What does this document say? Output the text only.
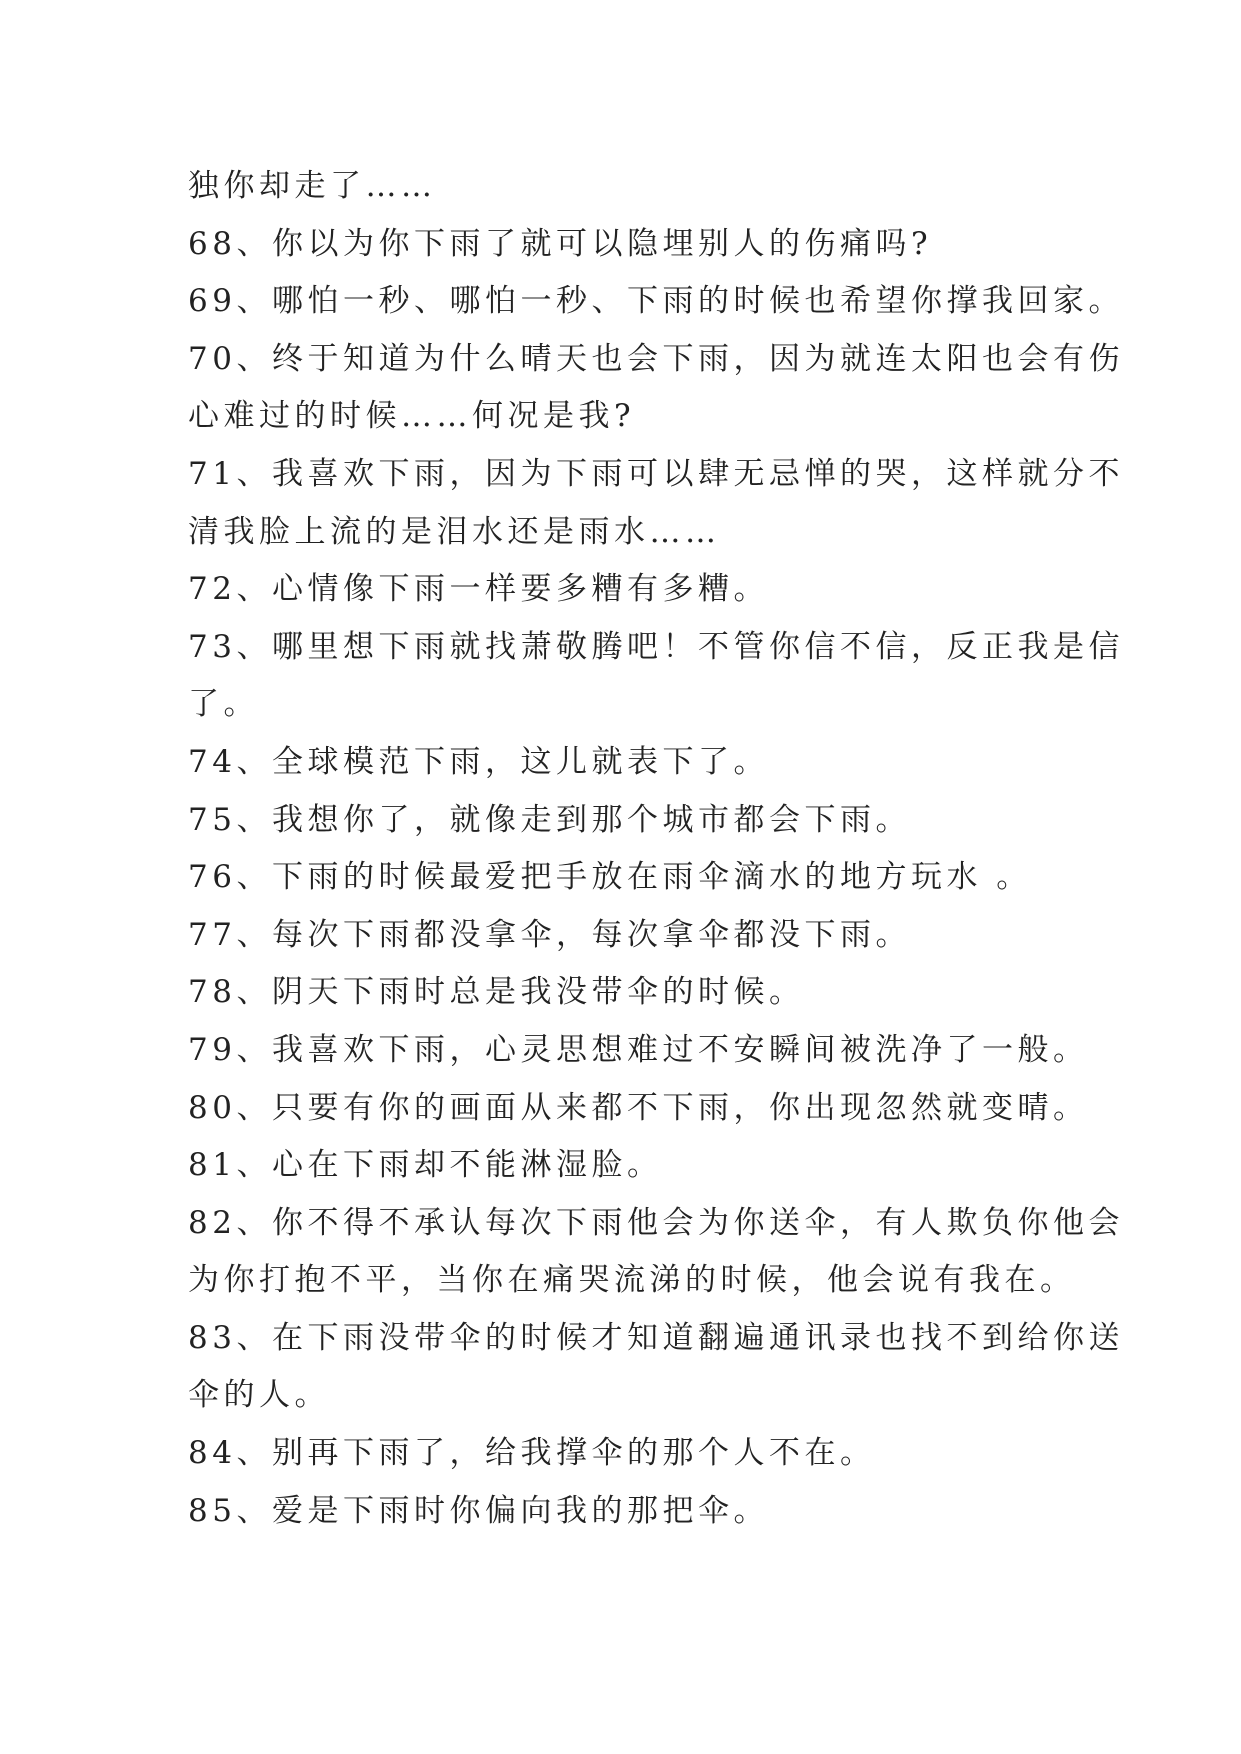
独你却走了……
68、你以为你下雨了就可以隐埋别人的伤痛吗?
69、哪怕一秒、哪怕一秒、下雨的时候也希望你撑我回家。
70、终于知道为什么晴天也会下雨，因为就连太阳也会有伤
心难过的时候……何况是我?
71、我喜欢下雨，因为下雨可以肆无忌惮的哭，这样就分不
清我脸上流的是泪水还是雨水……
72、心情像下雨一样要多糟有多糟。
73、哪里想下雨就找萧敬腾吧！不管你信不信，反正我是信
了。
74、全球模范下雨，这儿就表下了。
75、我想你了，就像走到那个城市都会下雨。
76、下雨的时候最爱把手放在雨伞滴水的地方玩水 。
77、每次下雨都没拿伞，每次拿伞都没下雨。
78、阴天下雨时总是我没带伞的时候。
79、我喜欢下雨，心灵思想难过不安瞬间被洗净了一般。
80、只要有你的画面从来都不下雨，你出现忽然就变晴。
81、心在下雨却不能淋湿脸。
82、你不得不承认每次下雨他会为你送伞，有人欺负你他会
为你打抱不平，当你在痛哭流涕的时候，他会说有我在。
83、在下雨没带伞的时候才知道翻遍通讯录也找不到给你送
伞的人。
84、别再下雨了，给我撑伞的那个人不在。
85、爱是下雨时你偏向我的那把伞。
